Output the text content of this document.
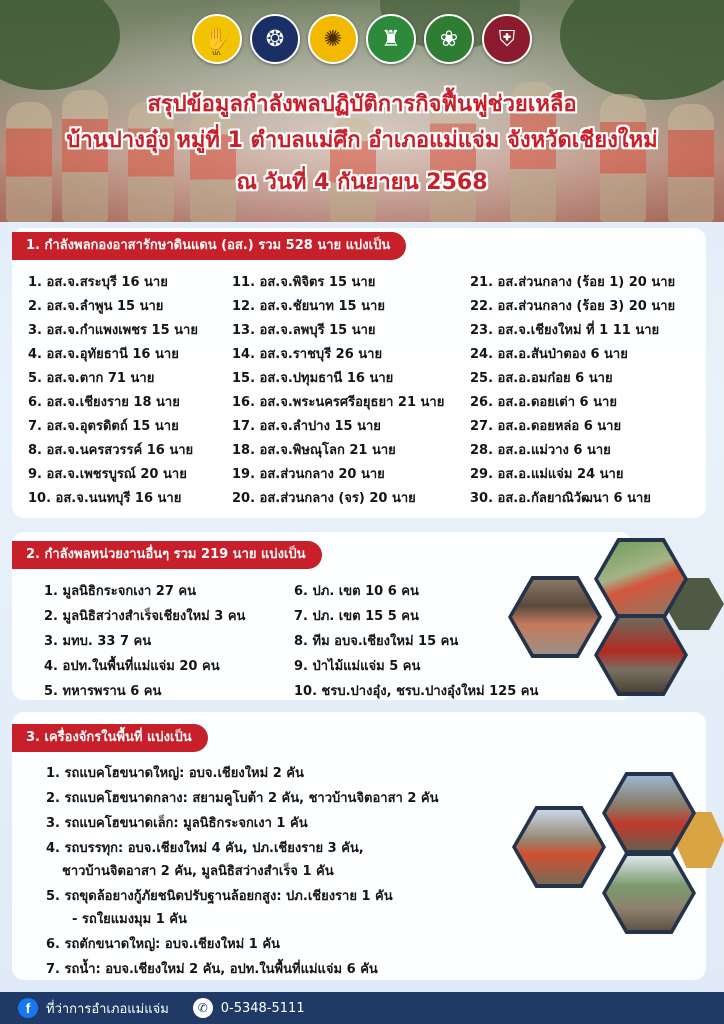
✋
ปภ.
❂	✺	♜	❀	⛨
สรุปข้อมูลกำลังพลปฏิบัติการกิจฟื้นฟูช่วยเหลือ
บ้านปางอุ๋ง หมู่ที่ 1 ตำบลแม่ศึก อำเภอแม่แจ่ม จังหวัดเชียงใหม่
ณ วันที่ 4 กันยายน 2568
1. กำลังพลกองอาสารักษาดินแดน (อส.) รวม 528 นาย แบ่งเป็น
1. อส.จ.สระบุรี 16 นาย
2. อส.จ.ลำพูน 15 นาย
3. อส.จ.กำแพงเพชร 15 นาย
4. อส.จ.อุทัยธานี 16 นาย
5. อส.จ.ตาก 71 นาย
6. อส.จ.เชียงราย 18 นาย
7. อส.จ.อุตรดิตถ์ 15 นาย
8. อส.จ.นครสวรรค์ 16 นาย
9. อส.จ.เพชรบูรณ์ 20 นาย
10. อส.จ.นนทบุรี 16 นาย
11. อส.จ.พิจิตร 15 นาย
12. อส.จ.ชัยนาท 15 นาย
13. อส.จ.ลพบุรี 15 นาย
14. อส.จ.ราชบุรี 26 นาย
15. อส.จ.ปทุมธานี 16 นาย
16. อส.จ.พระนครศรีอยุธยา 21 นาย
17. อส.จ.ลำปาง 15 นาย
18. อส.จ.พิษณุโลก 21 นาย
19. อส.ส่วนกลาง 20 นาย
20. อส.ส่วนกลาง (จร) 20 นาย
21. อส.ส่วนกลาง (ร้อย 1) 20 นาย
22. อส.ส่วนกลาง (ร้อย 3) 20 นาย
23. อส.จ.เชียงใหม่ ที่ 1 11 นาย
24. อส.อ.สันป่าตอง 6 นาย
25. อส.อ.อมก๋อย 6 นาย
26. อส.อ.ดอยเต่า 6 นาย
27. อส.อ.ดอยหล่อ 6 นาย
28. อส.อ.แม่วาง 6 นาย
29. อส.อ.แม่แจ่ม 24 นาย
30. อส.อ.กัลยาณิวัฒนา 6 นาย
2. กำลังพลหน่วยงานอื่นๆ รวม 219 นาย แบ่งเป็น
1. มูลนิธิกระจกเงา 27 คน
2. มูลนิธิสว่างสำเร็จเชียงใหม่ 3 คน
3. มทบ. 33 7 คน
4. อปท.ในพื้นที่แม่แจ่ม 20 คน
5. ทหารพราน 6 คน
6. ปภ. เขต 10 6 คน
7. ปภ. เขต 15 5 คน
8. ทีม อบจ.เชียงใหม่ 15 คน
9. ป่าไม้แม่แจ่ม 5 คน
10. ชรบ.ปางอุ๋ง, ชรบ.ปางอุ๋งใหม่ 125 คน
3. เครื่องจักรในพื้นที่ แบ่งเป็น
1. รถแบคโฮขนาดใหญ่: อบจ.เชียงใหม่ 2 คัน
2. รถแบคโฮขนาดกลาง: สยามคูโบต้า 2 คัน, ชาวบ้านจิตอาสา 2 คัน
3. รถแบคโฮขนาดเล็ก: มูลนิธิกระจกเงา 1 คัน
4. รถบรรทุก: อบจ.เชียงใหม่ 4 คัน, ปภ.เชียงราย 3 คัน,
ชาวบ้านจิตอาสา 2 คัน, มูลนิธิสว่างสำเร็จ 1 คัน
5. รถขุดล้อยางกู้ภัยชนิดปรับฐานล้อยกสูง: ปภ.เชียงราย 1 คัน
- รถใยแมงมุม 1 คัน
6. รถตักขนาดใหญ่: อบจ.เชียงใหม่ 1 คัน
7. รถน้ำ: อบจ.เชียงใหม่ 2 คัน, อปท.ในพื้นที่แม่แจ่ม 6 คัน
f	ที่ว่าการอำเภอแม่แจ่ม	✆ 0-5348-5111
